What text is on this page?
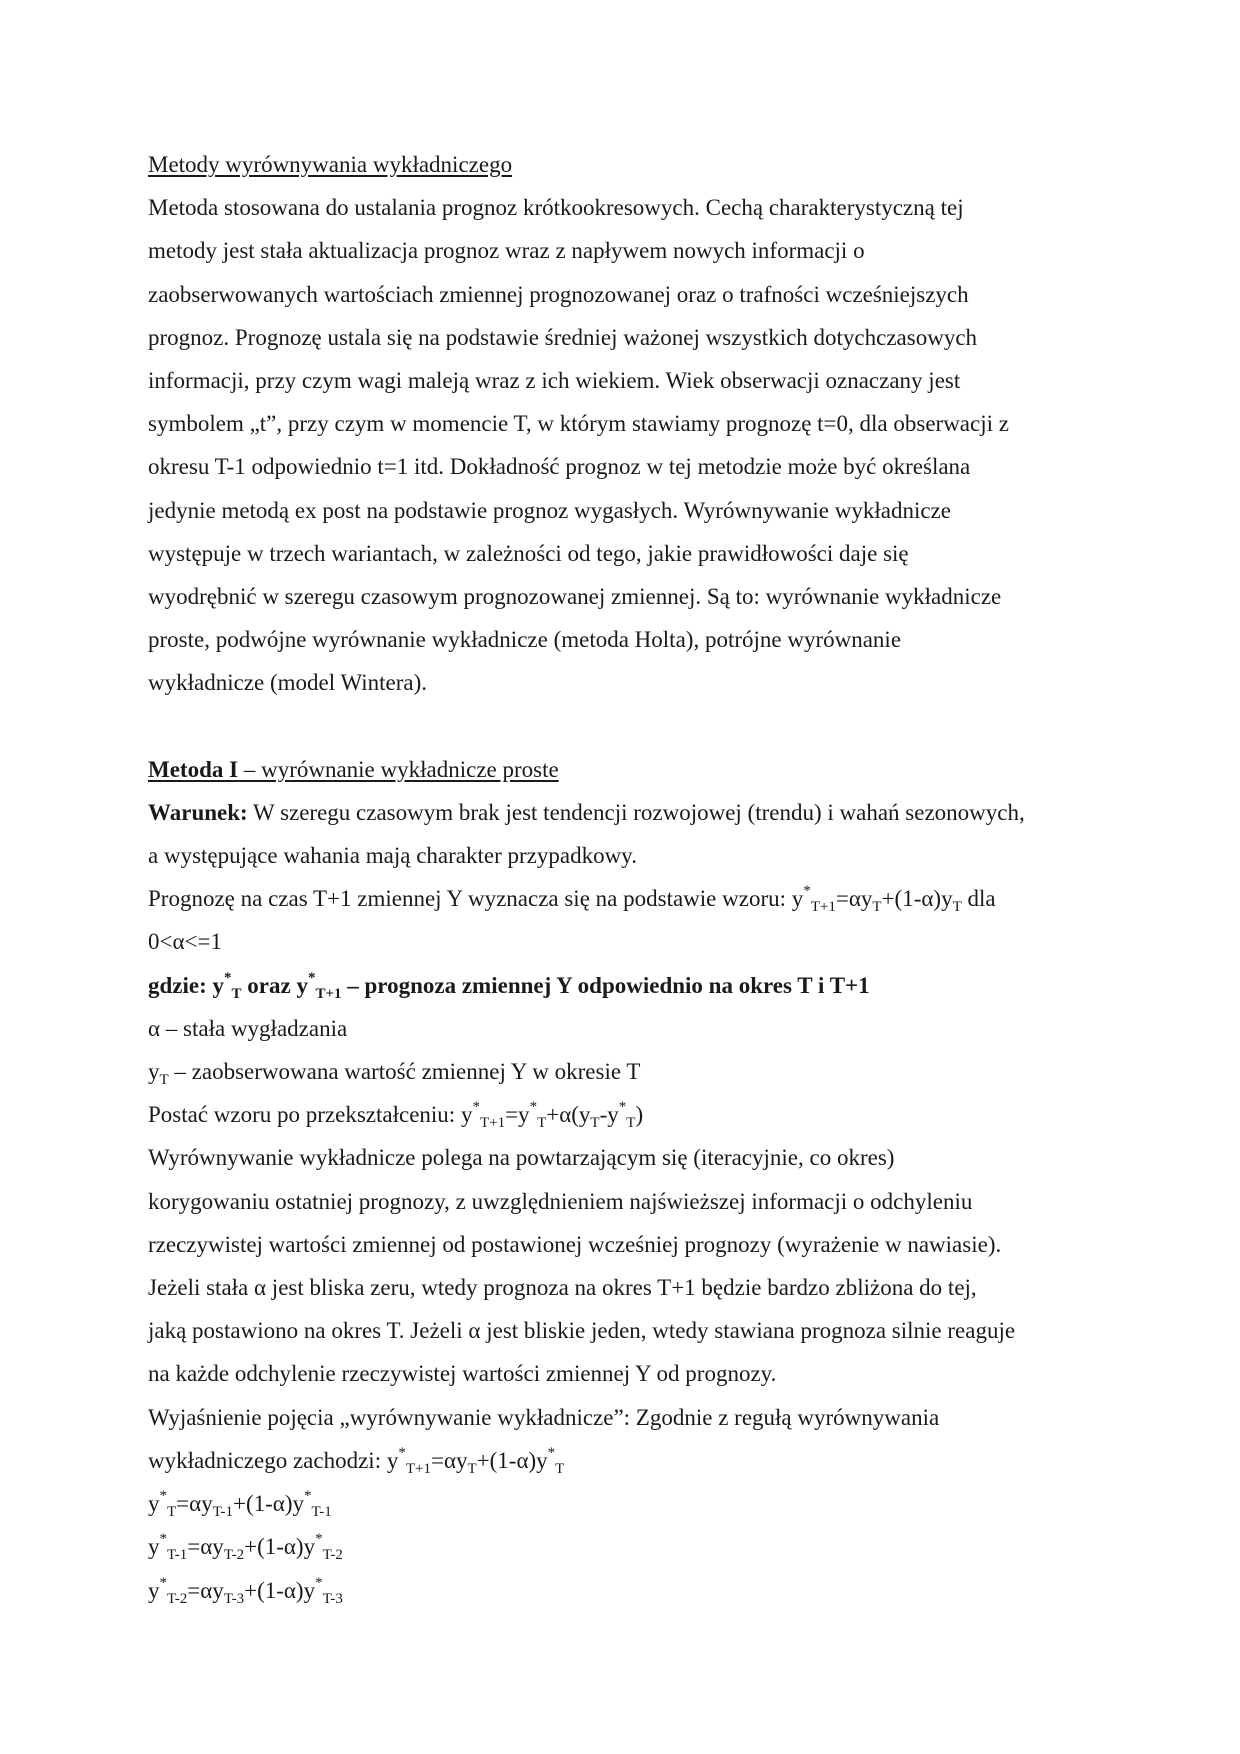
Metody wyrównywania wykładniczego
Metoda stosowana do ustalania prognoz krótkookresowych. Cechą charakterystyczną tej
metody jest stała aktualizacja prognoz wraz z napływem nowych informacji o
zaobserwowanych wartościach zmiennej prognozowanej oraz o trafności wcześniejszych
prognoz. Prognozę ustala się na podstawie średniej ważonej wszystkich dotychczasowych
informacji, przy czym wagi maleją wraz z ich wiekiem. Wiek obserwacji oznaczany jest
symbolem „t”, przy czym w momencie T, w którym stawiamy prognozę t=0, dla obserwacji z
okresu T-1 odpowiednio t=1 itd. Dokładność prognoz w tej metodzie może być określana
jedynie metodą ex post na podstawie prognoz wygasłych. Wyrównywanie wykładnicze
występuje w trzech wariantach, w zależności od tego, jakie prawidłowości daje się
wyodrębnić w szeregu czasowym prognozowanej zmiennej. Są to: wyrównanie wykładnicze
proste, podwójne wyrównanie wykładnicze (metoda Holta), potrójne wyrównanie
wykładnicze (model Wintera).
Metoda I – wyrównanie wykładnicze proste
Warunek: W szeregu czasowym brak jest tendencji rozwojowej (trendu) i wahań sezonowych,
a występujące wahania mają charakter przypadkowy.
Prognozę na czas T+1 zmiennej Y wyznacza się na podstawie wzoru: $y^*_{T+1}=\alpha y_T+(1-\alpha)y_T$ dla
0<α<=1
gdzie: $y^*_T$ oraz $y^*_{T+1}$ – prognoza zmiennej Y odpowiednio na okres T i T+1
α – stała wygładzania
$y_T$ – zaobserwowana wartość zmiennej Y w okresie T
Postać wzoru po przekształceniu: $y^*_{T+1}=y^*_T+\alpha(y_T-y^*_T)$
Wyrównywanie wykładnicze polega na powtarzającym się (iteracyjnie, co okres)
korygowaniu ostatniej prognozy, z uwzględnieniem najświeższej informacji o odchyleniu
rzeczywistej wartości zmiennej od postawionej wcześniej prognozy (wyrażenie w nawiasie).
Jeżeli stała α jest bliska zeru, wtedy prognoza na okres T+1 będzie bardzo zbliżona do tej,
jaką postawiono na okres T. Jeżeli α jest bliskie jeden, wtedy stawiana prognoza silnie reaguje
na każde odchylenie rzeczywistej wartości zmiennej Y od prognozy.
Wyjaśnienie pojęcia „wyrównywanie wykładnicze”: Zgodnie z regułą wyrównywania
wykładniczego zachodzi: $y^*_{T+1}=\alpha y_T+(1-\alpha)y^*_T$
$y^*_T=\alpha y_{T-1}+(1-\alpha)y^*_{T-1}$
$y^*_{T-1}=\alpha y_{T-2}+(1-\alpha)y^*_{T-2}$
$y^*_{T-2}=\alpha y_{T-3}+(1-\alpha)y^*_{T-3}$
